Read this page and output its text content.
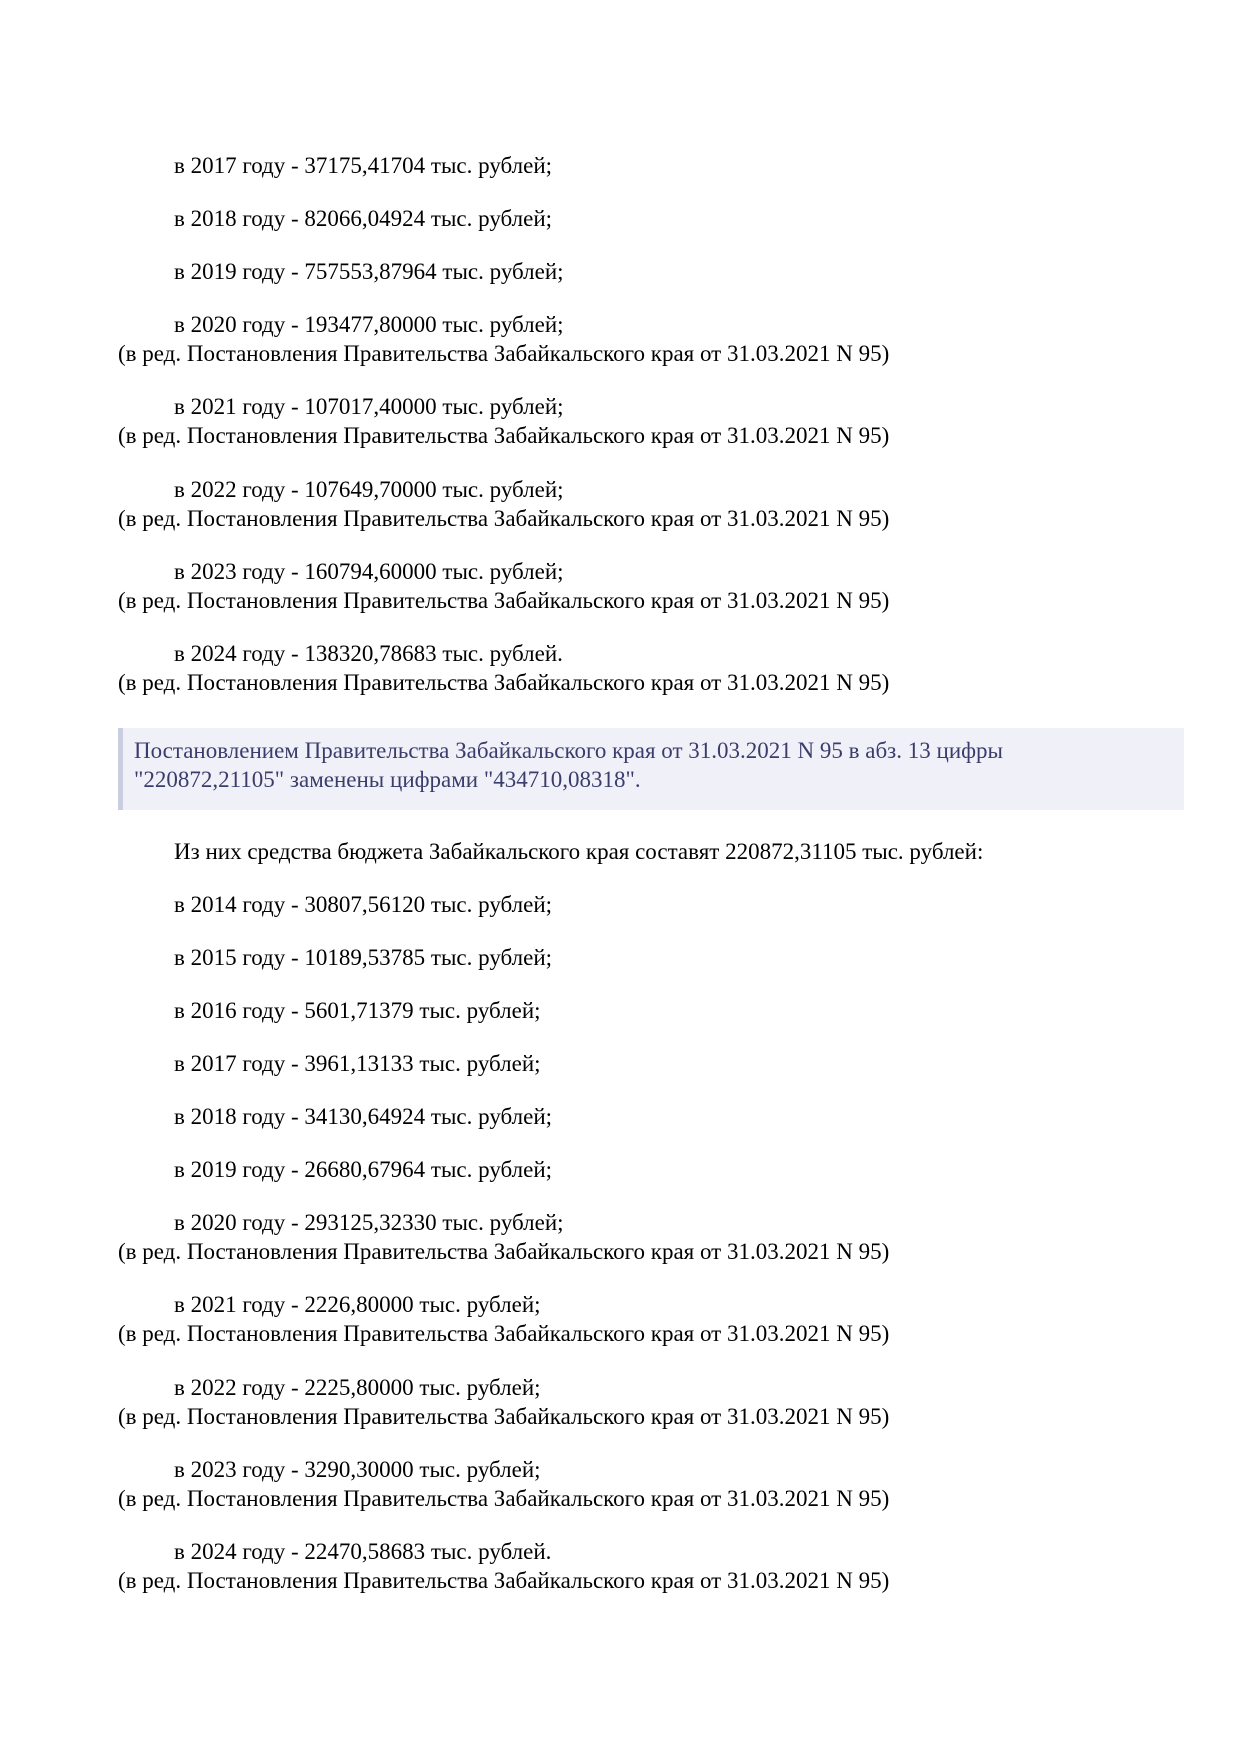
в 2017 году - 37175,41704 тыс. рублей;
в 2018 году - 82066,04924 тыс. рублей;
в 2019 году - 757553,87964 тыс. рублей;
в 2020 году - 193477,80000 тыс. рублей;
(в ред. Постановления Правительства Забайкальского края от 31.03.2021 N 95)
в 2021 году - 107017,40000 тыс. рублей;
(в ред. Постановления Правительства Забайкальского края от 31.03.2021 N 95)
в 2022 году - 107649,70000 тыс. рублей;
(в ред. Постановления Правительства Забайкальского края от 31.03.2021 N 95)
в 2023 году - 160794,60000 тыс. рублей;
(в ред. Постановления Правительства Забайкальского края от 31.03.2021 N 95)
в 2024 году - 138320,78683 тыс. рублей.
(в ред. Постановления Правительства Забайкальского края от 31.03.2021 N 95)
Постановлением Правительства Забайкальского края от 31.03.2021 N 95 в абз. 13 цифры
"220872,21105" заменены цифрами "434710,08318".
Из них средства бюджета Забайкальского края составят 220872,31105 тыс. рублей:
в 2014 году - 30807,56120 тыс. рублей;
в 2015 году - 10189,53785 тыс. рублей;
в 2016 году - 5601,71379 тыс. рублей;
в 2017 году - 3961,13133 тыс. рублей;
в 2018 году - 34130,64924 тыс. рублей;
в 2019 году - 26680,67964 тыс. рублей;
в 2020 году - 293125,32330 тыс. рублей;
(в ред. Постановления Правительства Забайкальского края от 31.03.2021 N 95)
в 2021 году - 2226,80000 тыс. рублей;
(в ред. Постановления Правительства Забайкальского края от 31.03.2021 N 95)
в 2022 году - 2225,80000 тыс. рублей;
(в ред. Постановления Правительства Забайкальского края от 31.03.2021 N 95)
в 2023 году - 3290,30000 тыс. рублей;
(в ред. Постановления Правительства Забайкальского края от 31.03.2021 N 95)
в 2024 году - 22470,58683 тыс. рублей.
(в ред. Постановления Правительства Забайкальского края от 31.03.2021 N 95)
